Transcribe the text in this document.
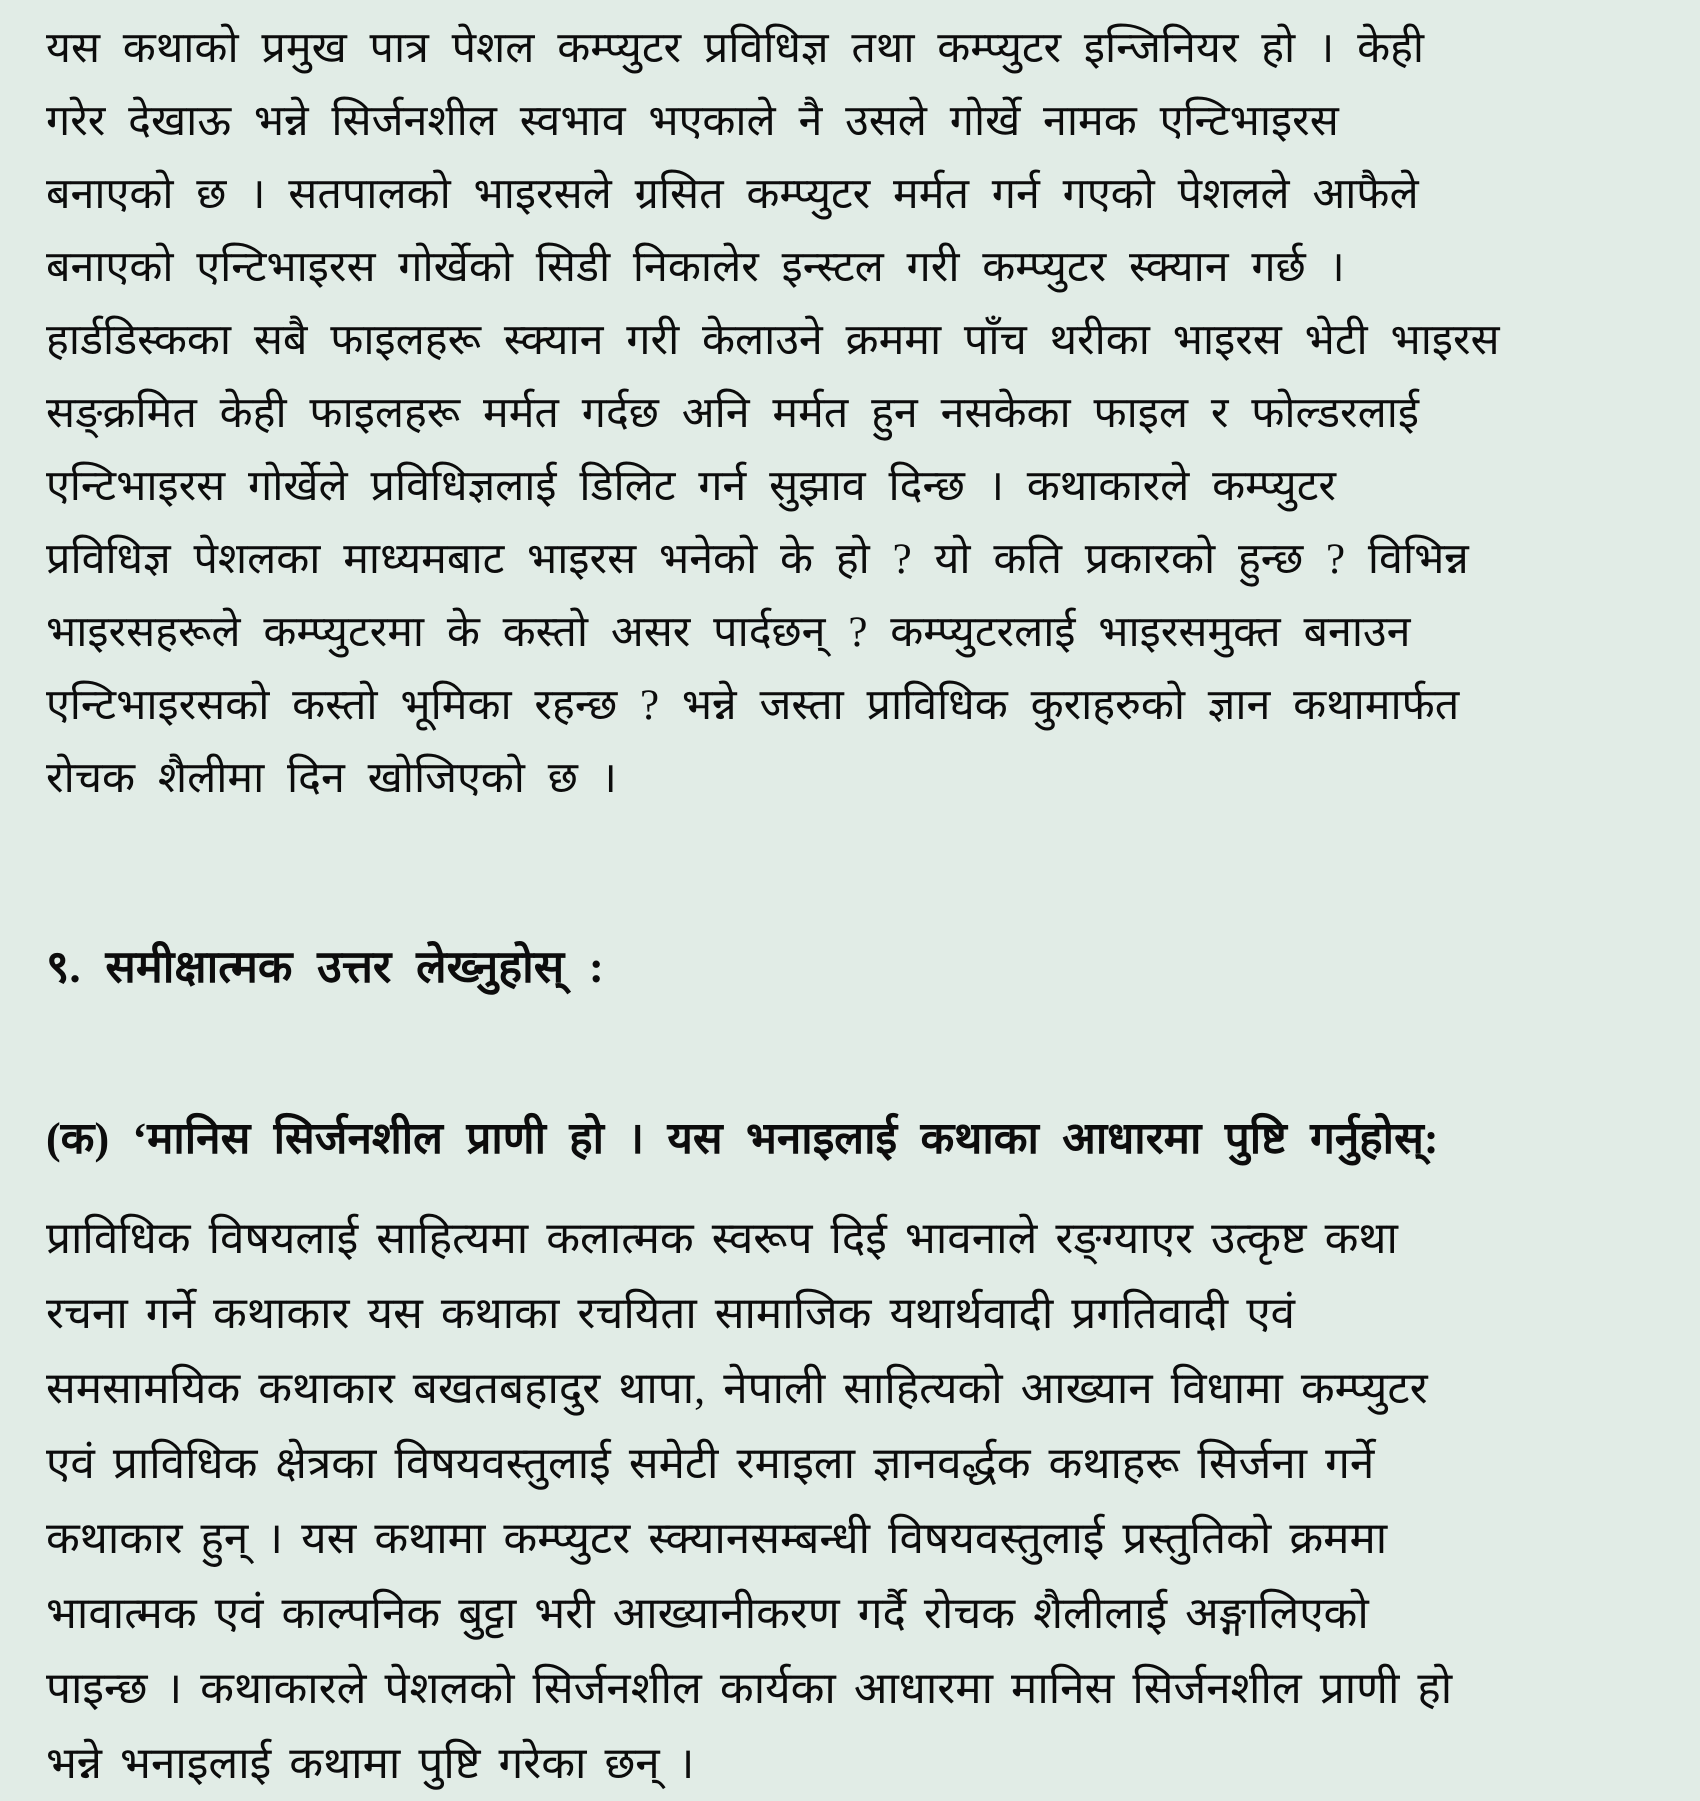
यस कथाको प्रमुख पात्र पेशल कम्प्युटर प्रविधिज्ञ तथा कम्प्युटर इन्जिनियर हो । केही
गरेर देखाऊ भन्ने सिर्जनशील स्वभाव भएकाले नै उसले गोर्खे नामक एन्टिभाइरस
बनाएको छ । सतपालको भाइरसले ग्रसित कम्प्युटर मर्मत गर्न गएको पेशलले आफैले
बनाएको एन्टिभाइरस गोर्खेको सिडी निकालेर इन्स्टल गरी कम्प्युटर स्क्यान गर्छ ।
हार्डडिस्कका सबै फाइलहरू स्क्यान गरी केलाउने क्रममा पाँच थरीका भाइरस भेटी भाइरस
सङ्क्रमित केही फाइलहरू मर्मत गर्दछ अनि मर्मत हुन नसकेका फाइल र फोल्डरलाई
एन्टिभाइरस गोर्खेले प्रविधिज्ञलाई डिलिट गर्न सुझाव दिन्छ । कथाकारले कम्प्युटर
प्रविधिज्ञ पेशलका माध्यमबाट भाइरस भनेको के हो ? यो कति प्रकारको हुन्छ ? विभिन्न
भाइरसहरूले कम्प्युटरमा के कस्तो असर पार्दछन् ? कम्प्युटरलाई भाइरसमुक्त बनाउन
एन्टिभाइरसको कस्तो भूमिका रहन्छ ? भन्ने जस्ता प्राविधिक कुराहरुको ज्ञान कथामार्फत
रोचक शैलीमा दिन खोजिएको छ ।
९. समीक्षात्मक उत्तर लेख्नुहोस् :
(क) ‘मानिस सिर्जनशील प्राणी हो । यस भनाइलाई कथाका आधारमा पुष्टि गर्नुहोस्:
प्राविधिक विषयलाई साहित्यमा कलात्मक स्वरूप दिई भावनाले रङ्ग्याएर उत्कृष्ट कथा
रचना गर्ने कथाकार यस कथाका रचयिता सामाजिक यथार्थवादी प्रगतिवादी एवं
समसामयिक कथाकार बखतबहादुर थापा, नेपाली साहित्यको आख्यान विधामा कम्प्युटर
एवं प्राविधिक क्षेत्रका विषयवस्तुलाई समेटी रमाइला ज्ञानवर्द्धक कथाहरू सिर्जना गर्ने
कथाकार हुन् । यस कथामा कम्प्युटर स्क्यानसम्बन्धी विषयवस्तुलाई प्रस्तुतिको क्रममा
भावात्मक एवं काल्पनिक बुट्टा भरी आख्यानीकरण गर्दै रोचक शैलीलाई अङ्गालिएको
पाइन्छ । कथाकारले पेशलको सिर्जनशील कार्यका आधारमा मानिस सिर्जनशील प्राणी हो
भन्ने भनाइलाई कथामा पुष्टि गरेका छन् ।
